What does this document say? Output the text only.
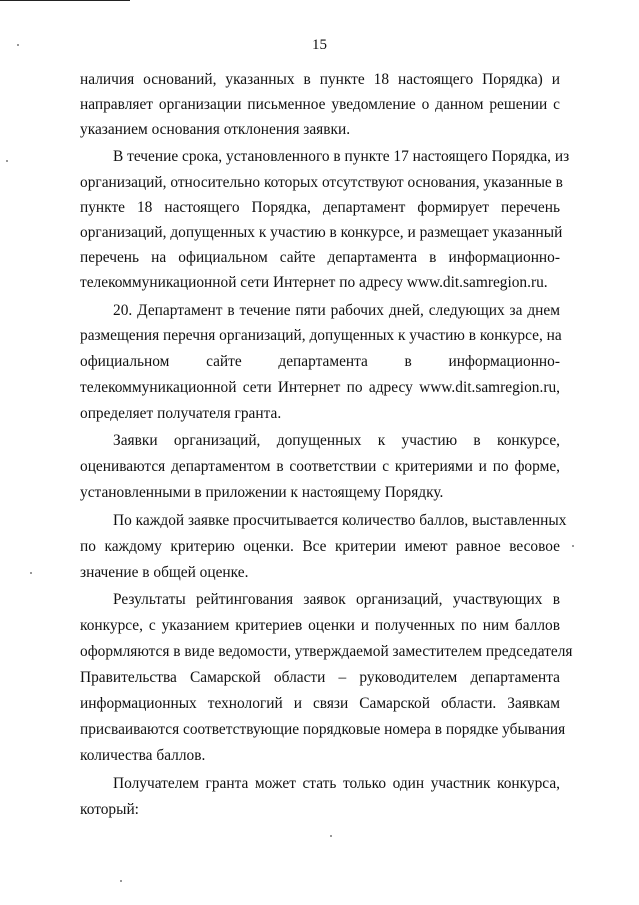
15
наличия оснований, указанных в пункте 18 настоящего Порядка) и
направляет организации письменное уведомление о данном решении с
указанием основания отклонения заявки.
В течение срока, установленного в пункте 17 настоящего Порядка, из
организаций, относительно которых отсутствуют основания, указанные в
пункте 18 настоящего Порядка, департамент формирует перечень
организаций, допущенных к участию в конкурсе, и размещает указанный
перечень на официальном сайте департамента в информационно-
телекоммуникационной сети Интернет по адресу www.dit.samregion.ru.
20. Департамент в течение пяти рабочих дней, следующих за днем
размещения перечня организаций, допущенных к участию в конкурсе, на
официальном сайте департамента в информационно-
телекоммуникационной сети Интернет по адресу www.dit.samregion.ru,
определяет получателя гранта.
Заявки организаций, допущенных к участию в конкурсе,
оцениваются департаментом в соответствии с критериями и по форме,
установленными в приложении к настоящему Порядку.
По каждой заявке просчитывается количество баллов, выставленных
по каждому критерию оценки. Все критерии имеют равное весовое
значение в общей оценке.
Результаты рейтингования заявок организаций, участвующих в
конкурсе, с указанием критериев оценки и полученных по ним баллов
оформляются в виде ведомости, утверждаемой заместителем председателя
Правительства Самарской области – руководителем департамента
информационных технологий и связи Самарской области. Заявкам
присваиваются соответствующие порядковые номера в порядке убывания
количества баллов.
Получателем гранта может стать только один участник конкурса,
который:
